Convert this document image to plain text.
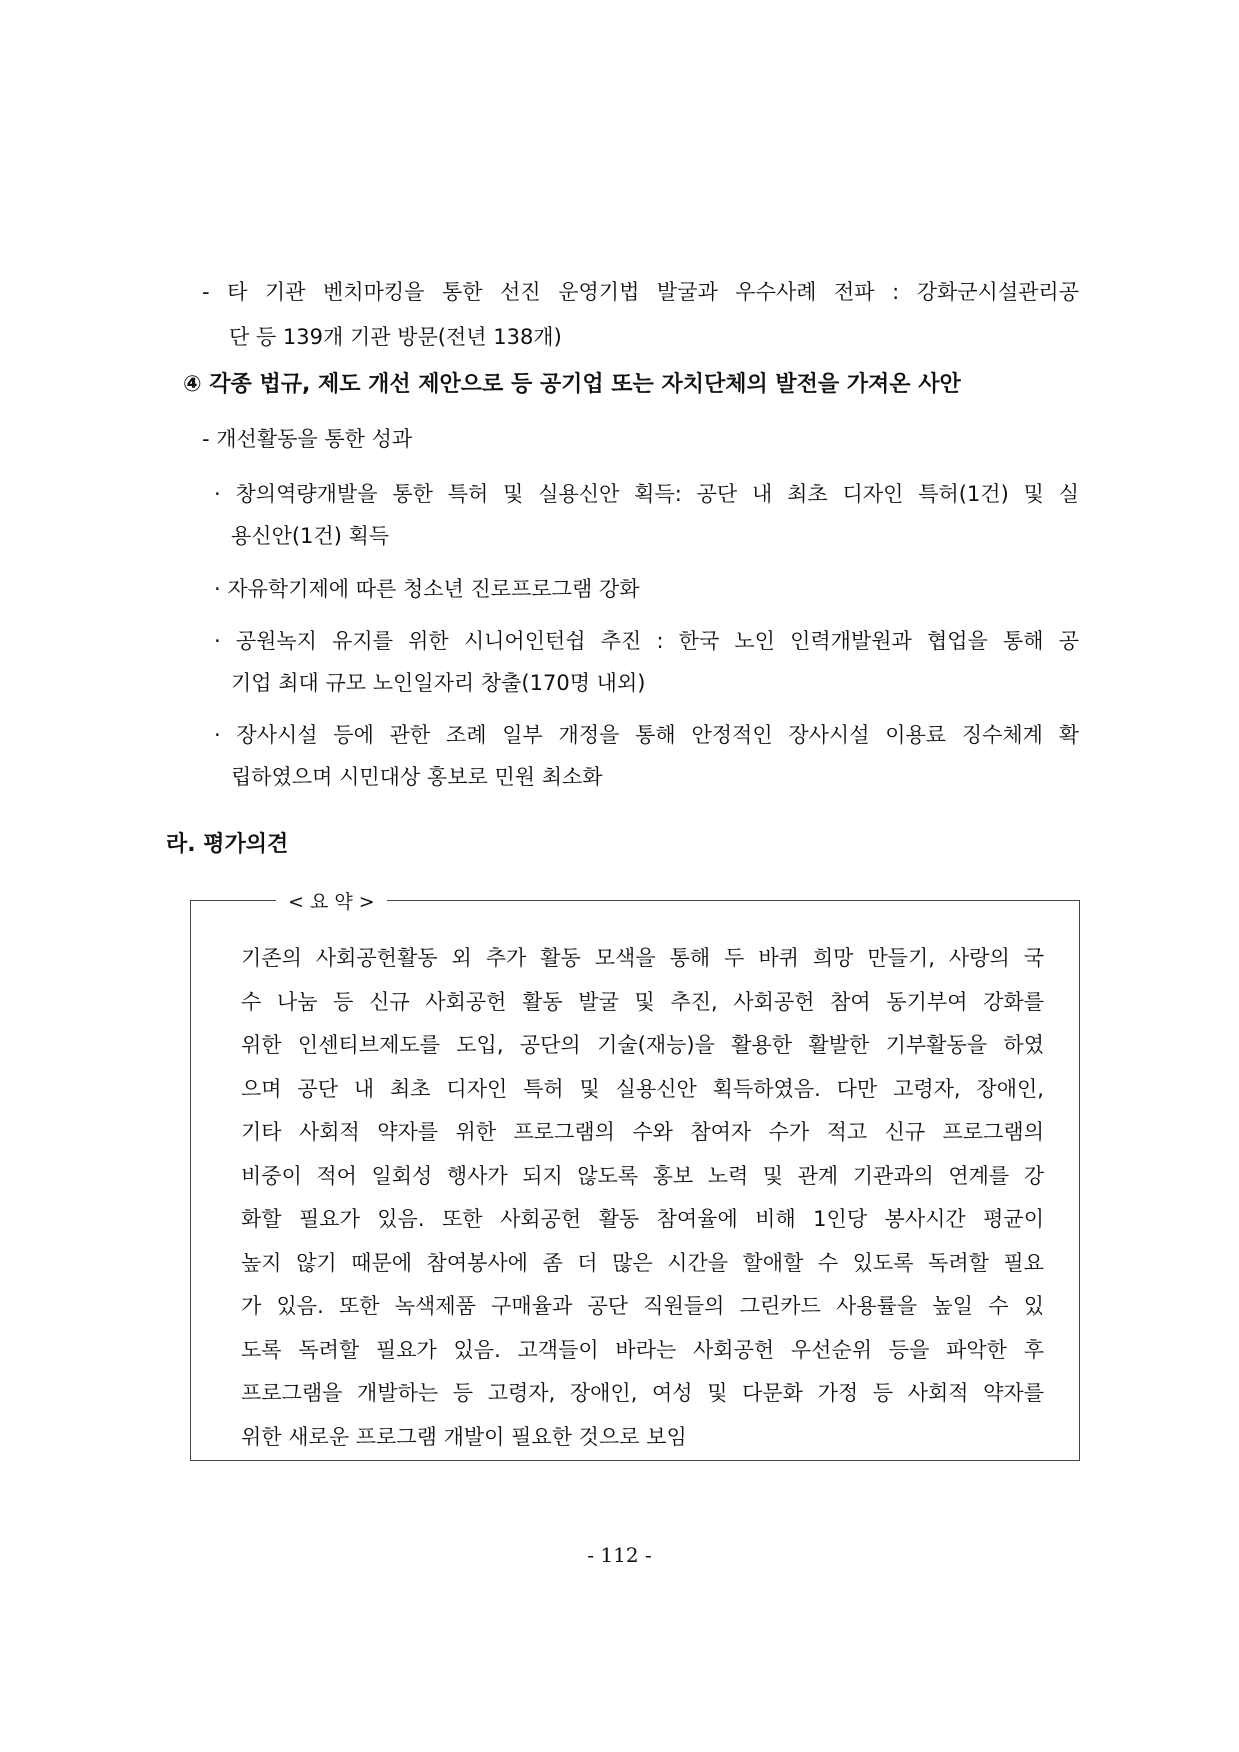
- 타 기관 벤치마킹을 통한 선진 운영기법 발굴과 우수사례 전파 : 강화군시설관리공
단 등 139개 기관 방문(전년 138개)
④ 각종 법규, 제도 개선 제안으로 등 공기업 또는 자치단체의 발전을 가져온 사안
- 개선활동을 통한 성과
· 창의역량개발을 통한 특허 및 실용신안 획득: 공단 내 최초 디자인 특허(1건) 및 실
용신안(1건) 획득
· 자유학기제에 따른 청소년 진로프로그램 강화
· 공원녹지 유지를 위한 시니어인턴쉽 추진 : 한국 노인 인력개발원과 협업을 통해 공
기업 최대 규모 노인일자리 창출(170명 내외)
· 장사시설 등에 관한 조례 일부 개정을 통해 안정적인 장사시설 이용료 징수체계 확
립하였으며 시민대상 홍보로 민원 최소화
라. 평가의견
< 요 약 >
기존의 사회공헌활동 외 추가 활동 모색을 통해 두 바퀴 희망 만들기, 사랑의 국
수 나눔 등 신규 사회공헌 활동 발굴 및 추진, 사회공헌 참여 동기부여 강화를
위한 인센티브제도를 도입, 공단의 기술(재능)을 활용한 활발한 기부활동을 하였
으며 공단 내 최초 디자인 특허 및 실용신안 획득하였음. 다만 고령자, 장애인,
기타 사회적 약자를 위한 프로그램의 수와 참여자 수가 적고 신규 프로그램의
비중이 적어 일회성 행사가 되지 않도록 홍보 노력 및 관계 기관과의 연계를 강
화할 필요가 있음. 또한 사회공헌 활동 참여율에 비해 1인당 봉사시간 평균이
높지 않기 때문에 참여봉사에 좀 더 많은 시간을 할애할 수 있도록 독려할 필요
가 있음. 또한 녹색제품 구매율과 공단 직원들의 그린카드 사용률을 높일 수 있
도록 독려할 필요가 있음. 고객들이 바라는 사회공헌 우선순위 등을 파악한 후
프로그램을 개발하는 등 고령자, 장애인, 여성 및 다문화 가정 등 사회적 약자를
위한 새로운 프로그램 개발이 필요한 것으로 보임
- 112 -
